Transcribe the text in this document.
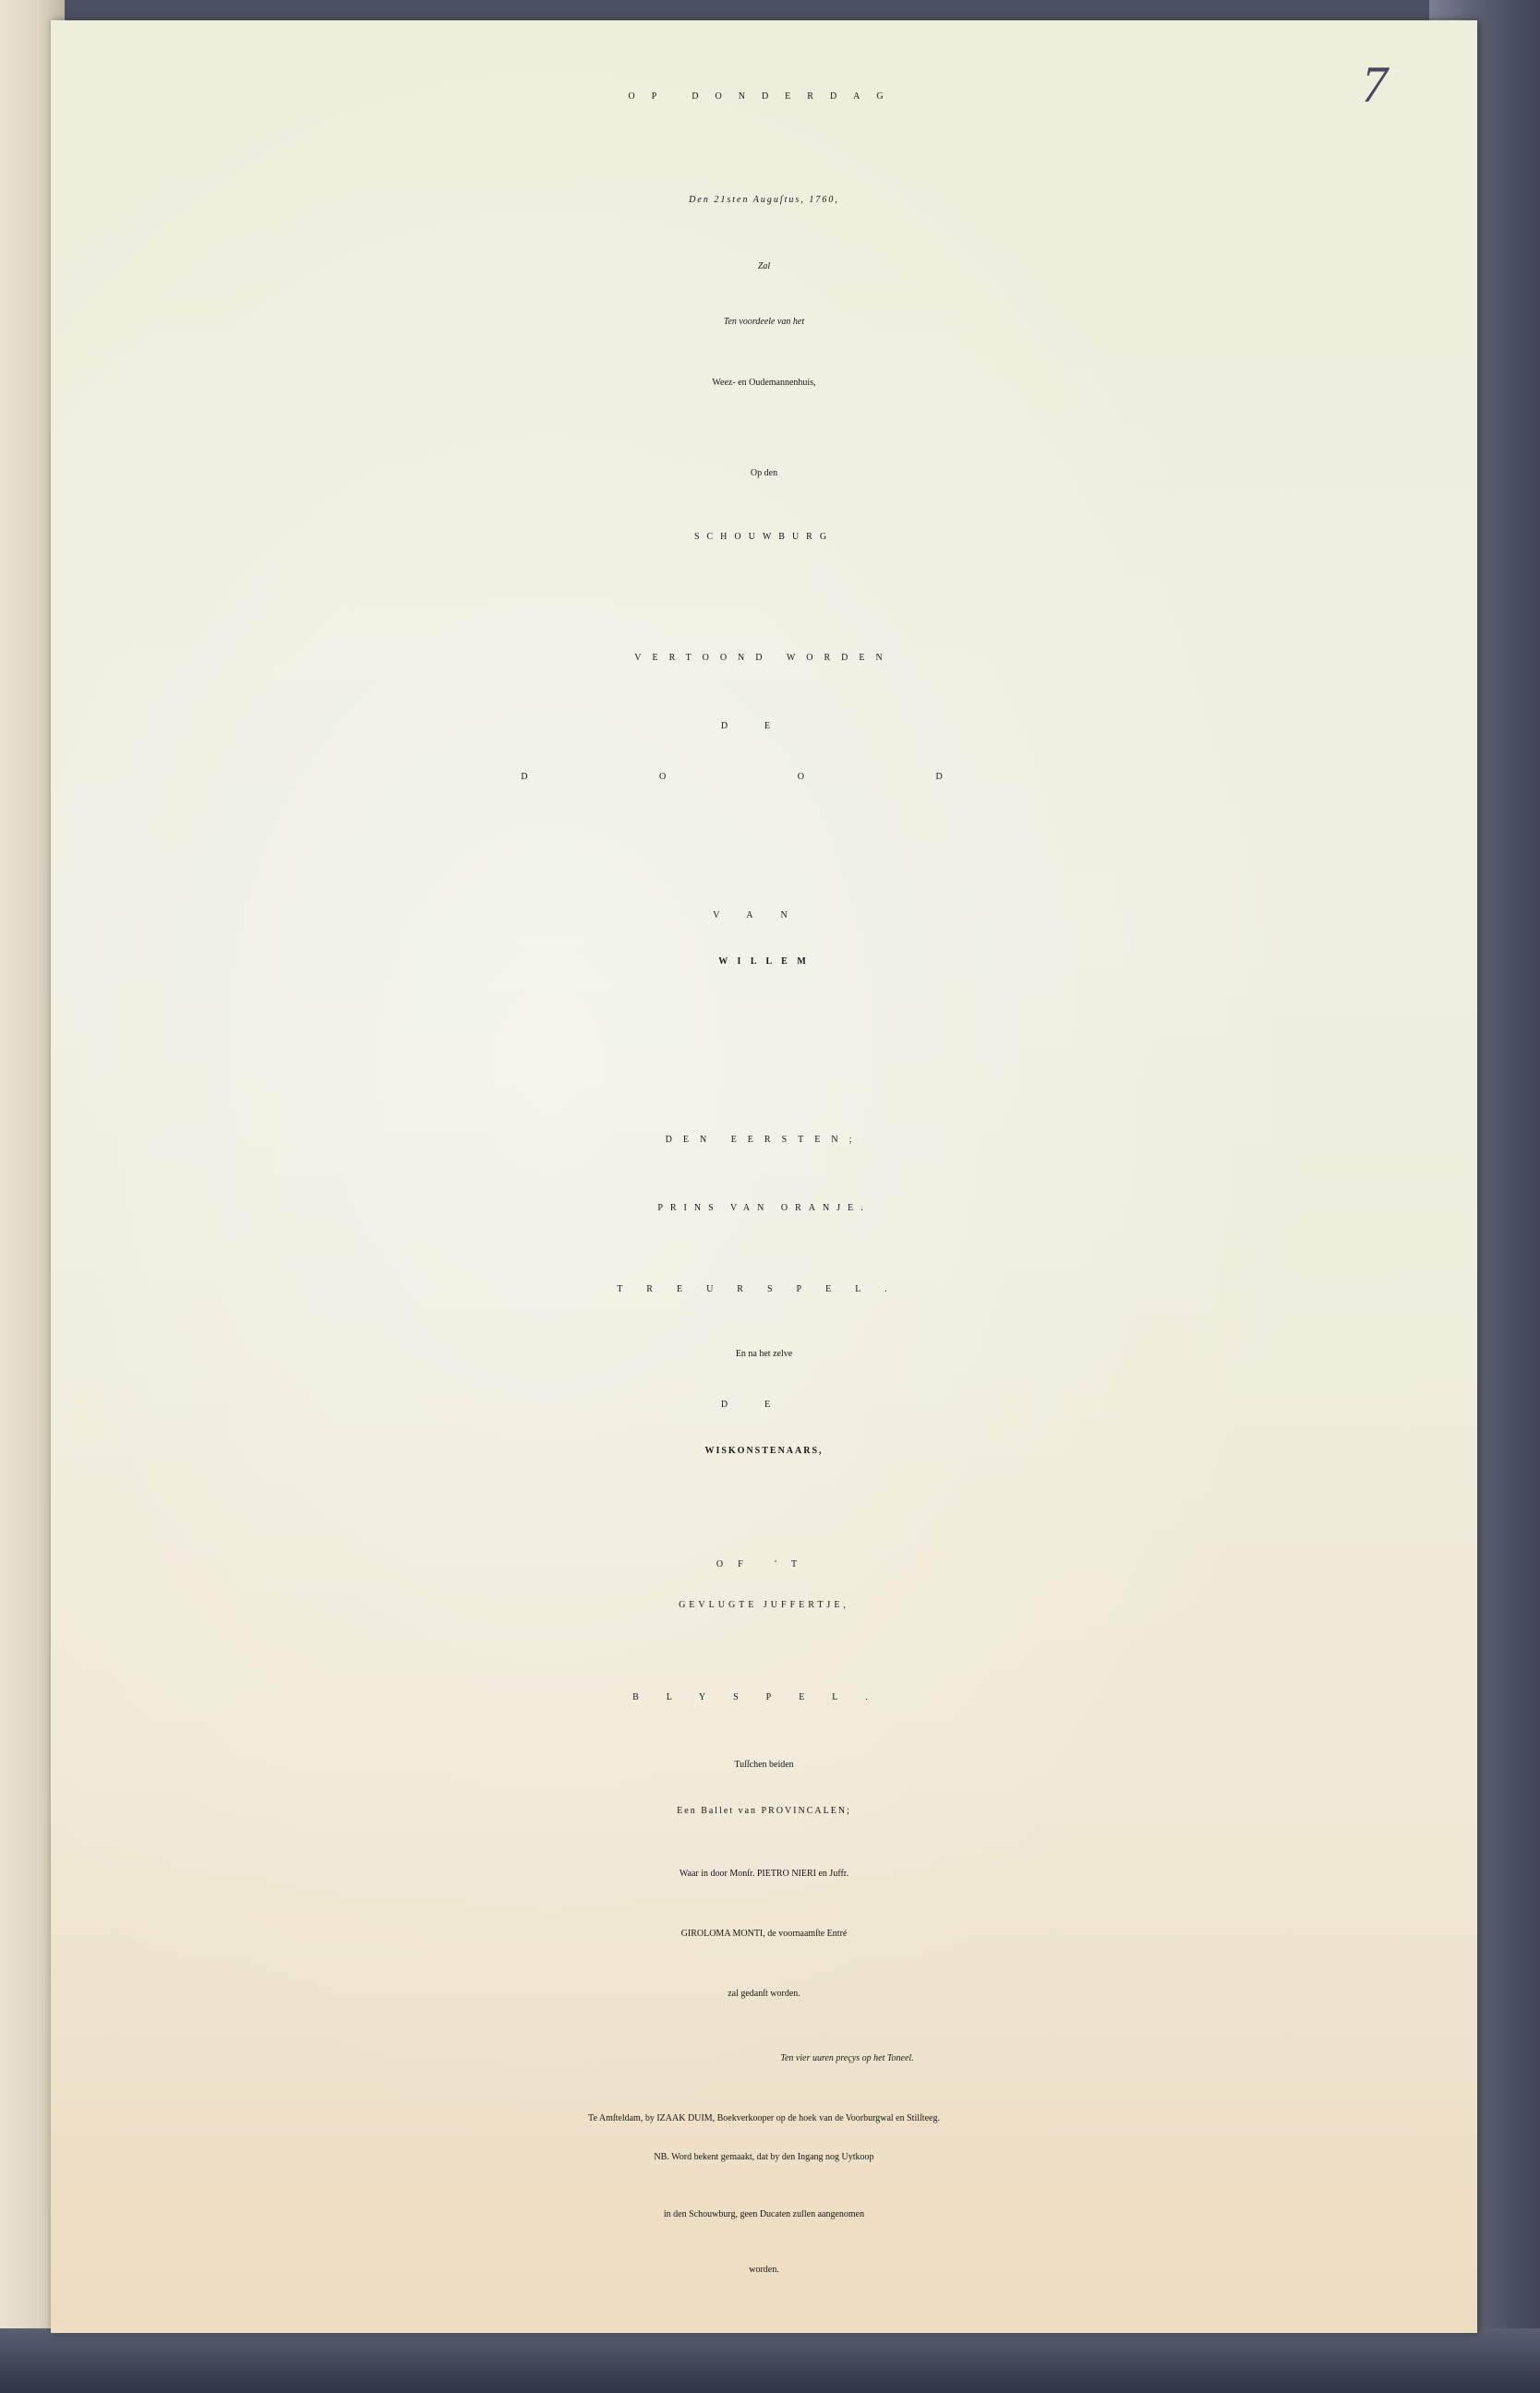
7

OP DONDERDAG

Den 21sten Auguſtus, 1760,

Zal

Ten voordeele van het

Weez- en Oudemannenhuis,

Op den

SCHOUWBURG

VERTOOND WORDEN

DE

D O O D

VAN

W I L L E M

DEN EERSTEN;

PRINS VAN ORANJE.

TREURSPEL.

En na het zelve

DE

WISKONSTENAARS,

OF 'T

GEVLUGTE JUFFERTJE,

BLYSPEL.

Tuſſchen beiden

Een Ballet van PROVINCALEN;

Waar in door Monſr. PIETRO NIERI en Juffr.

GIROLOMA MONTI, de voornaamſte Entré

zal gedanſt worden.

Ten vier uuren preçys op het Toneel.

Te Amſteldam, by IZAAK DUIM, Boekverkooper op de hoek van de Voorburgwal en Stilſteeg.

NB. Word bekent gemaakt, dat by den Ingang nog Uytkoop

in den Schouwburg, geen Ducaten zullen aangenomen

worden.
